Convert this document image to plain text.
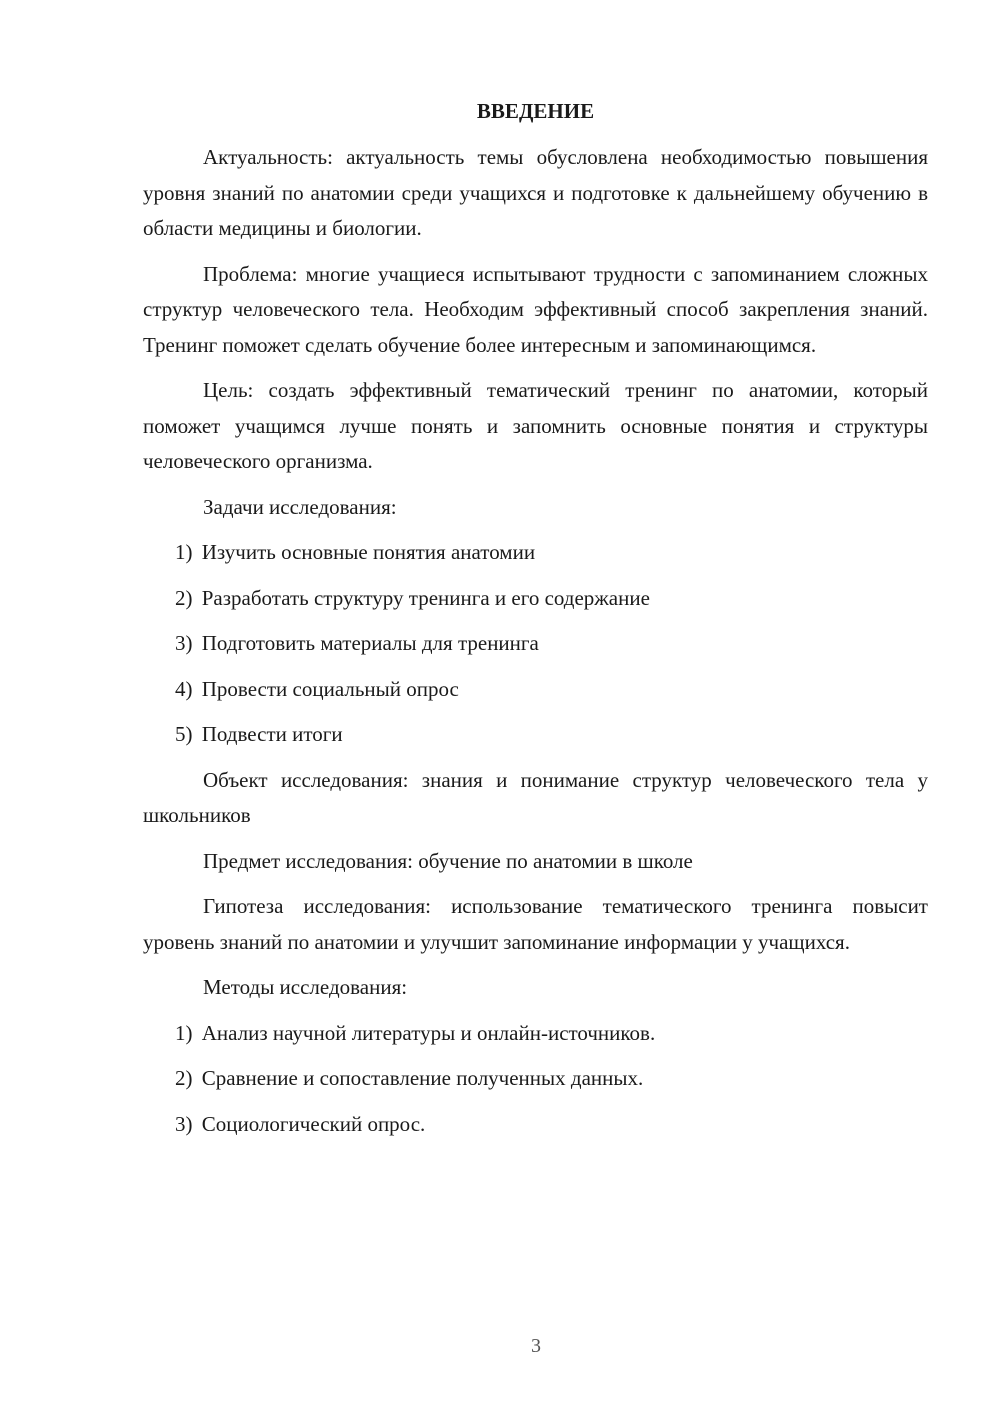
ВВЕДЕНИЕ

Актуальность: актуальность темы обусловлена необходимостью повышения уровня знаний по анатомии среди учащихся и подготовке к дальнейшему обучению в области медицины и биологии.

Проблема: многие учащиеся испытывают трудности с запоминанием сложных структур человеческого тела. Необходим эффективный способ закрепления знаний. Тренинг поможет сделать обучение более интересным и запоминающимся.

Цель: создать эффективный тематический тренинг по анатомии, который поможет учащимся лучше понять и запомнить основные понятия и структуры человеческого организма.

Задачи исследования:
1) Изучить основные понятия анатомии
2) Разработать структуру тренинга и его содержание
3) Подготовить материалы для тренинга
4) Провести социальный опрос
5) Подвести итоги

Объект исследования: знания и понимание структур человеческого тела у школьников

Предмет исследования: обучение по анатомии в школе

Гипотеза исследования: использование тематического тренинга повысит уровень знаний по анатомии и улучшит запоминание информации у учащихся.

Методы исследования:
1) Анализ научной литературы и онлайн-источников.
2) Сравнение и сопоставление полученных данных.
3) Социологический опрос.
3
